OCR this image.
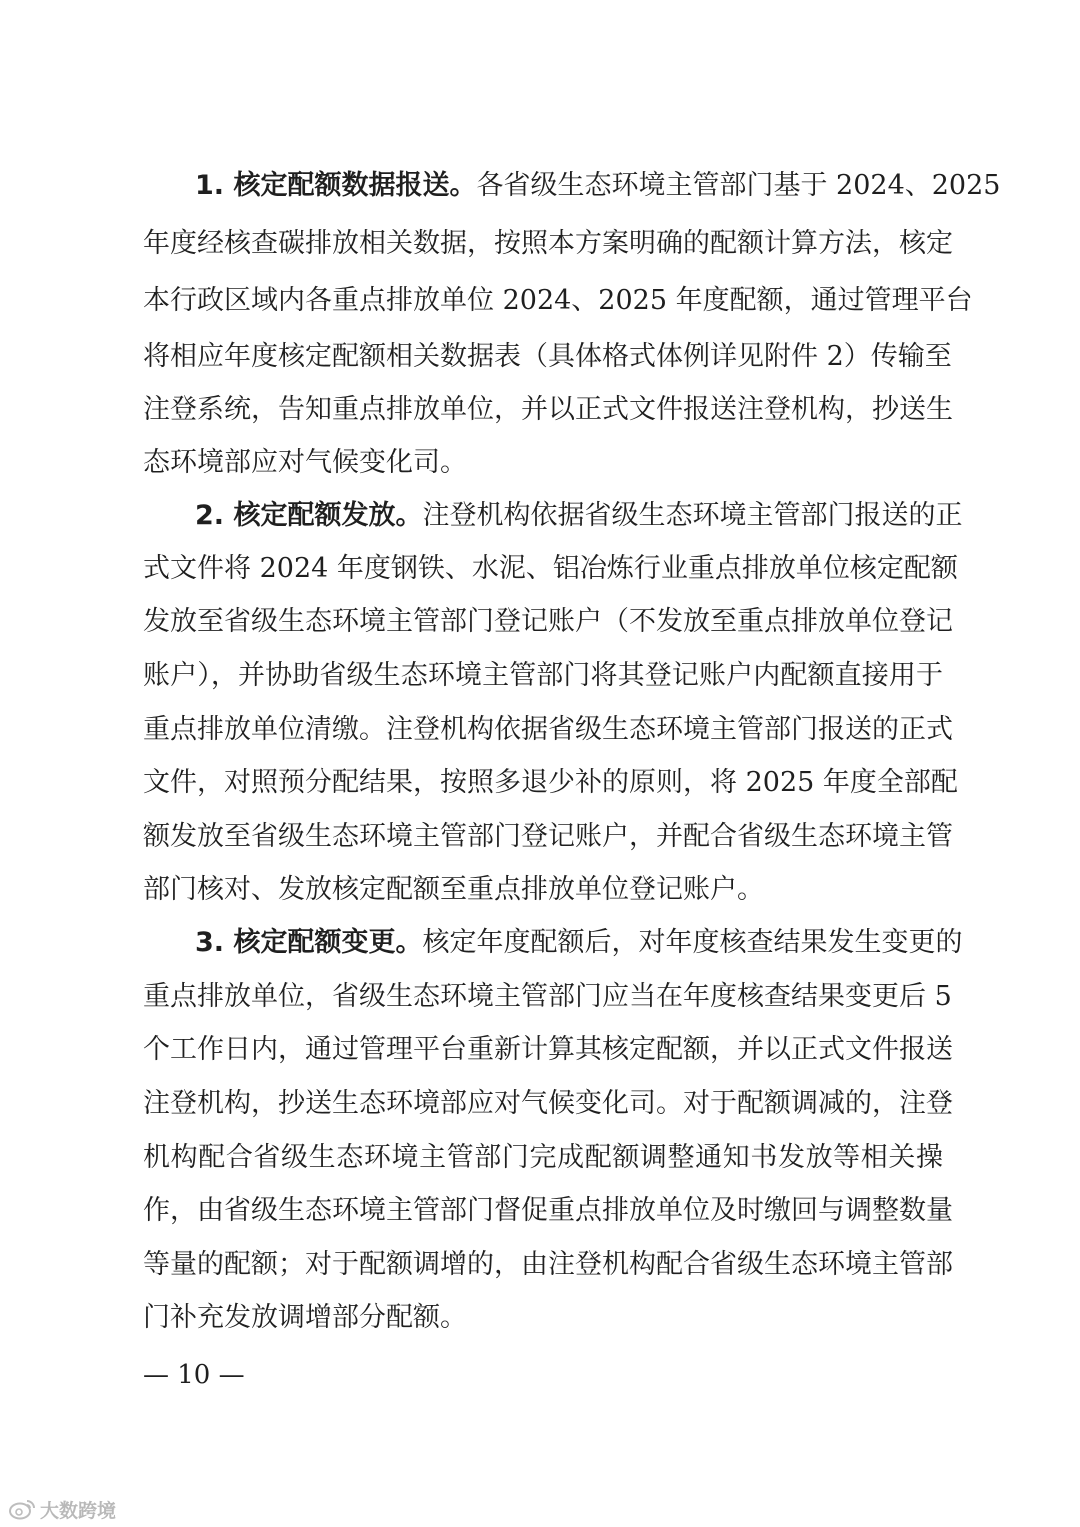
1. 核定配额数据报送。各省级生态环境主管部门基于 2024、2025
年度经核查碳排放相关数据，按照本方案明确的配额计算方法，核定
本行政区域内各重点排放单位 2024、2025 年度配额，通过管理平台
将相应年度核定配额相关数据表（具体格式体例详见附件 2）传输至
注登系统，告知重点排放单位，并以正式文件报送注登机构，抄送生
态环境部应对气候变化司。
2. 核定配额发放。注登机构依据省级生态环境主管部门报送的正
式文件将 2024 年度钢铁、水泥、铝冶炼行业重点排放单位核定配额
发放至省级生态环境主管部门登记账户（不发放至重点排放单位登记
账户），并协助省级生态环境主管部门将其登记账户内配额直接用于
重点排放单位清缴。注登机构依据省级生态环境主管部门报送的正式
文件，对照预分配结果，按照多退少补的原则，将 2025 年度全部配
额发放至省级生态环境主管部门登记账户，并配合省级生态环境主管
部门核对、发放核定配额至重点排放单位登记账户。
3. 核定配额变更。核定年度配额后，对年度核查结果发生变更的
重点排放单位，省级生态环境主管部门应当在年度核查结果变更后 5
个工作日内，通过管理平台重新计算其核定配额，并以正式文件报送
注登机构，抄送生态环境部应对气候变化司。对于配额调减的，注登
机构配合省级生态环境主管部门完成配额调整通知书发放等相关操
作，由省级生态环境主管部门督促重点排放单位及时缴回与调整数量
等量的配额；对于配额调增的，由注登机构配合省级生态环境主管部
门补充发放调增部分配额。
— 10 —
大数跨境
